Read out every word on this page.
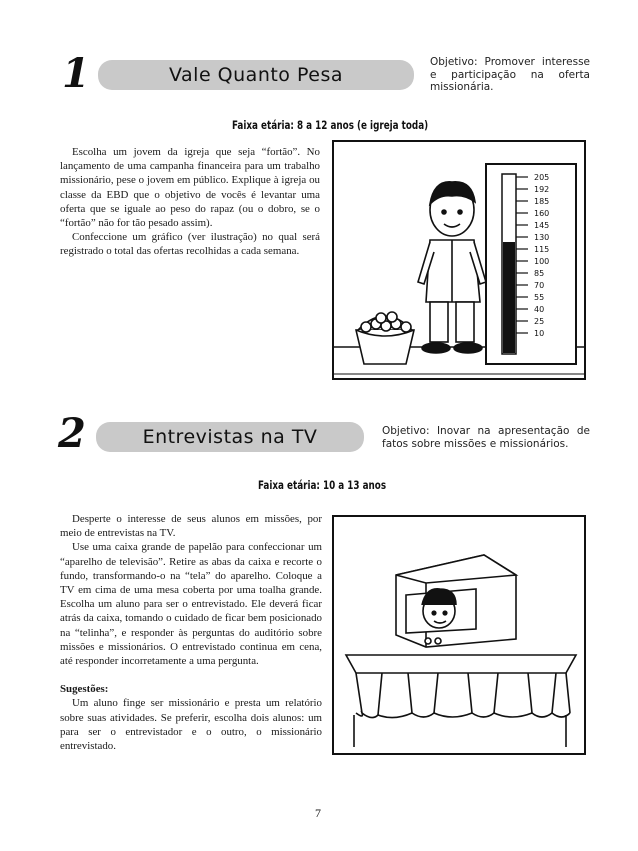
1	Vale Quanto Pesa
Objetivo: Promover interesse e participação na oferta missionária.
Faixa etária: 8 a 12 anos (e igreja toda)

Escolha um jovem da igreja que seja “fortão”. No lançamento de uma campanha financeira para um trabalho missionário, pese o jovem em público. Explique à igreja ou classe da EBD que o objetivo de vocês é levantar uma oferta que se iguale ao peso do rapaz (ou o dobro, se o “fortão” não for tão pesado assim).

Confeccione um gráfico (ver ilustração) no qual será registrado o total das ofertas recolhidas a cada semana.

205
192
185
160
145
130
115
100
85
70
55
40
25
10
2	Entrevistas na TV	Objetivo: Inovar na apresentação de fatos sobre missões e missionários.
Faixa etária: 10 a 13 anos

Desperte o interesse de seus alunos em missões, por meio de entrevistas na TV.

Use uma caixa grande de papelão para confeccionar um “aparelho de televisão”. Retire as abas da caixa e recorte o fundo, transformando-o na “tela” do aparelho. Coloque a TV em cima de uma mesa coberta por uma toalha grande. Escolha um aluno para ser o entrevistado. Ele deverá ficar atrás da caixa, tomando o cuidado de ficar bem posicionado na “telinha”, e responder às perguntas do auditório sobre missões e missionários. O entrevistado continua em cena, até responder incorretamente a uma pergunta.

Sugestões:

Um aluno finge ser missionário e presta um relatório sobre suas atividades. Se preferir, escolha dois alunos: um para ser o entrevistador e o outro, o missionário entrevistado.

7
